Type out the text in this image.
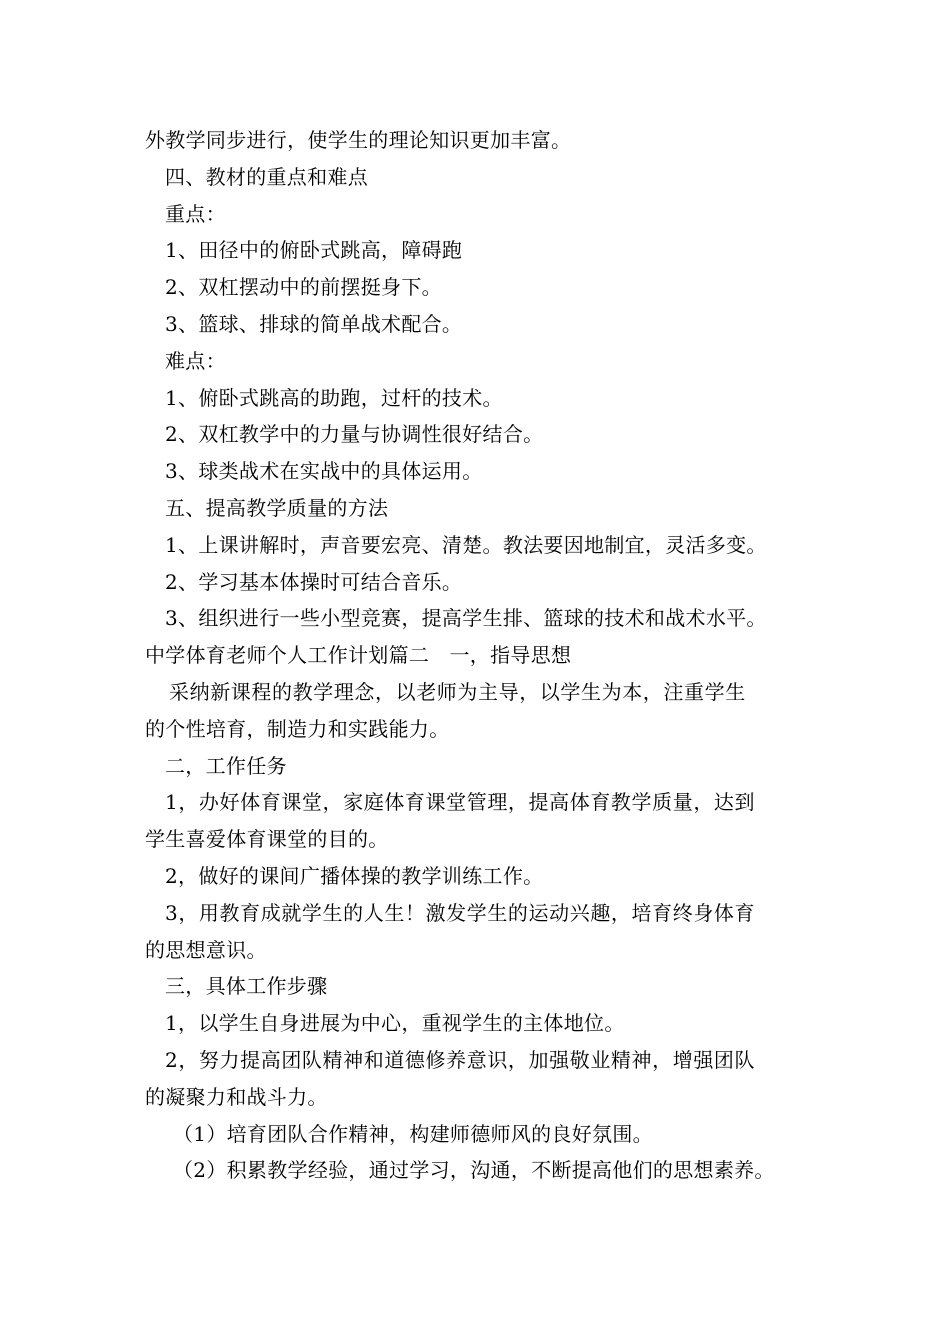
外教学同步进行，使学生的理论知识更加丰富。
四、教材的重点和难点
重点：
1、田径中的俯卧式跳高，障碍跑
2、双杠摆动中的前摆挺身下。
3、篮球、排球的简单战术配合。
难点：
1、俯卧式跳高的助跑，过杆的技术。
2、双杠教学中的力量与协调性很好结合。
3、球类战术在实战中的具体运用。
五、提高教学质量的方法
1、上课讲解时，声音要宏亮、清楚。教法要因地制宜，灵活多变。
2、学习基本体操时可结合音乐。
3、组织进行一些小型竞赛，提高学生排、篮球的技术和战术水平。
中学体育老师个人工作计划篇二　一，指导思想
采纳新课程的教学理念，以老师为主导，以学生为本，注重学生
的个性培育，制造力和实践能力。
二，工作任务
1，办好体育课堂，家庭体育课堂管理，提高体育教学质量，达到
学生喜爱体育课堂的目的。
2，做好的课间广播体操的教学训练工作。
3，用教育成就学生的人生！激发学生的运动兴趣，培育终身体育
的思想意识。
三，具体工作步骤
1，以学生自身进展为中心，重视学生的主体地位。
2，努力提高团队精神和道德修养意识，加强敬业精神，增强团队
的凝聚力和战斗力。
（1）培育团队合作精神，构建师德师风的良好氛围。
（2）积累教学经验，通过学习，沟通，不断提高他们的思想素养。
